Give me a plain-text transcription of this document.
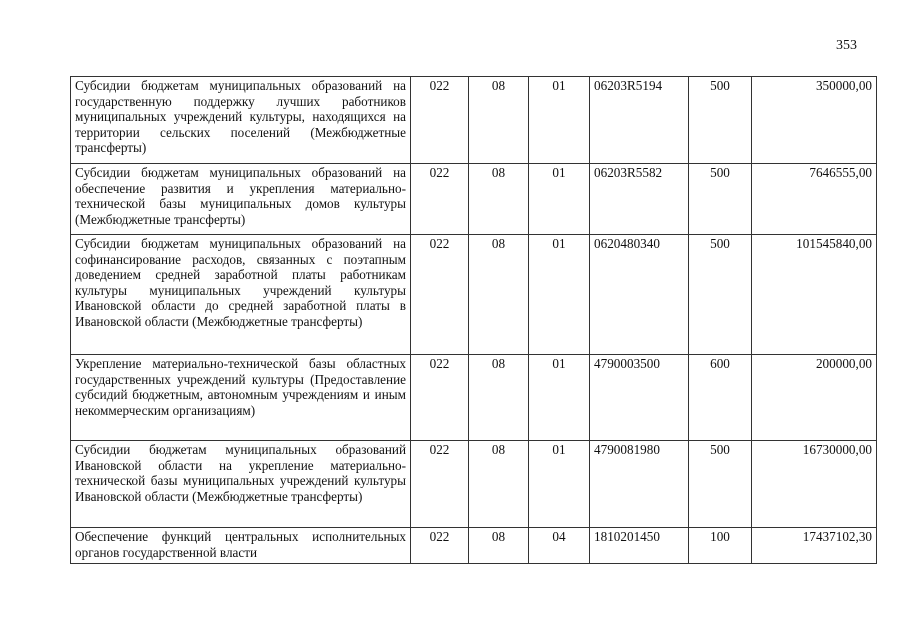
353
Субсидии бюджетам муниципальных образований на государственную поддержку лучших работников муниципальных учреждений культуры, находящихся на территории сельских поселений (Межбюджетные трансферты)	022	08	01	06203R5194	500	350000,00
Субсидии бюджетам муниципальных образований на обеспечение развития и укрепления материально-технической базы муниципальных домов культуры (Межбюджетные трансферты)	022	08	01	06203R5582	500	7646555,00
Субсидии бюджетам муниципальных образований на софинансирование расходов, связанных с поэтапным доведением средней заработной платы работникам культуры муниципальных учреждений культуры Ивановской области до средней заработной платы в Ивановской области (Межбюджетные трансферты)	022	08	01	0620480340	500	101545840,00
Укрепление материально-технической базы областных государственных учреждений культуры (Предоставление субсидий бюджетным, автономным учреждениям и иным некоммерческим организациям)	022	08	01	4790003500	600	200000,00
Субсидии бюджетам муниципальных образований Ивановской области на укрепление материально-технической базы муниципальных учреждений культуры Ивановской области (Межбюджетные трансферты)	022	08	01	4790081980	500	16730000,00
Обеспечение функций центральных исполнительных органов государственной власти	022	08	04	1810201450	100	17437102,30
